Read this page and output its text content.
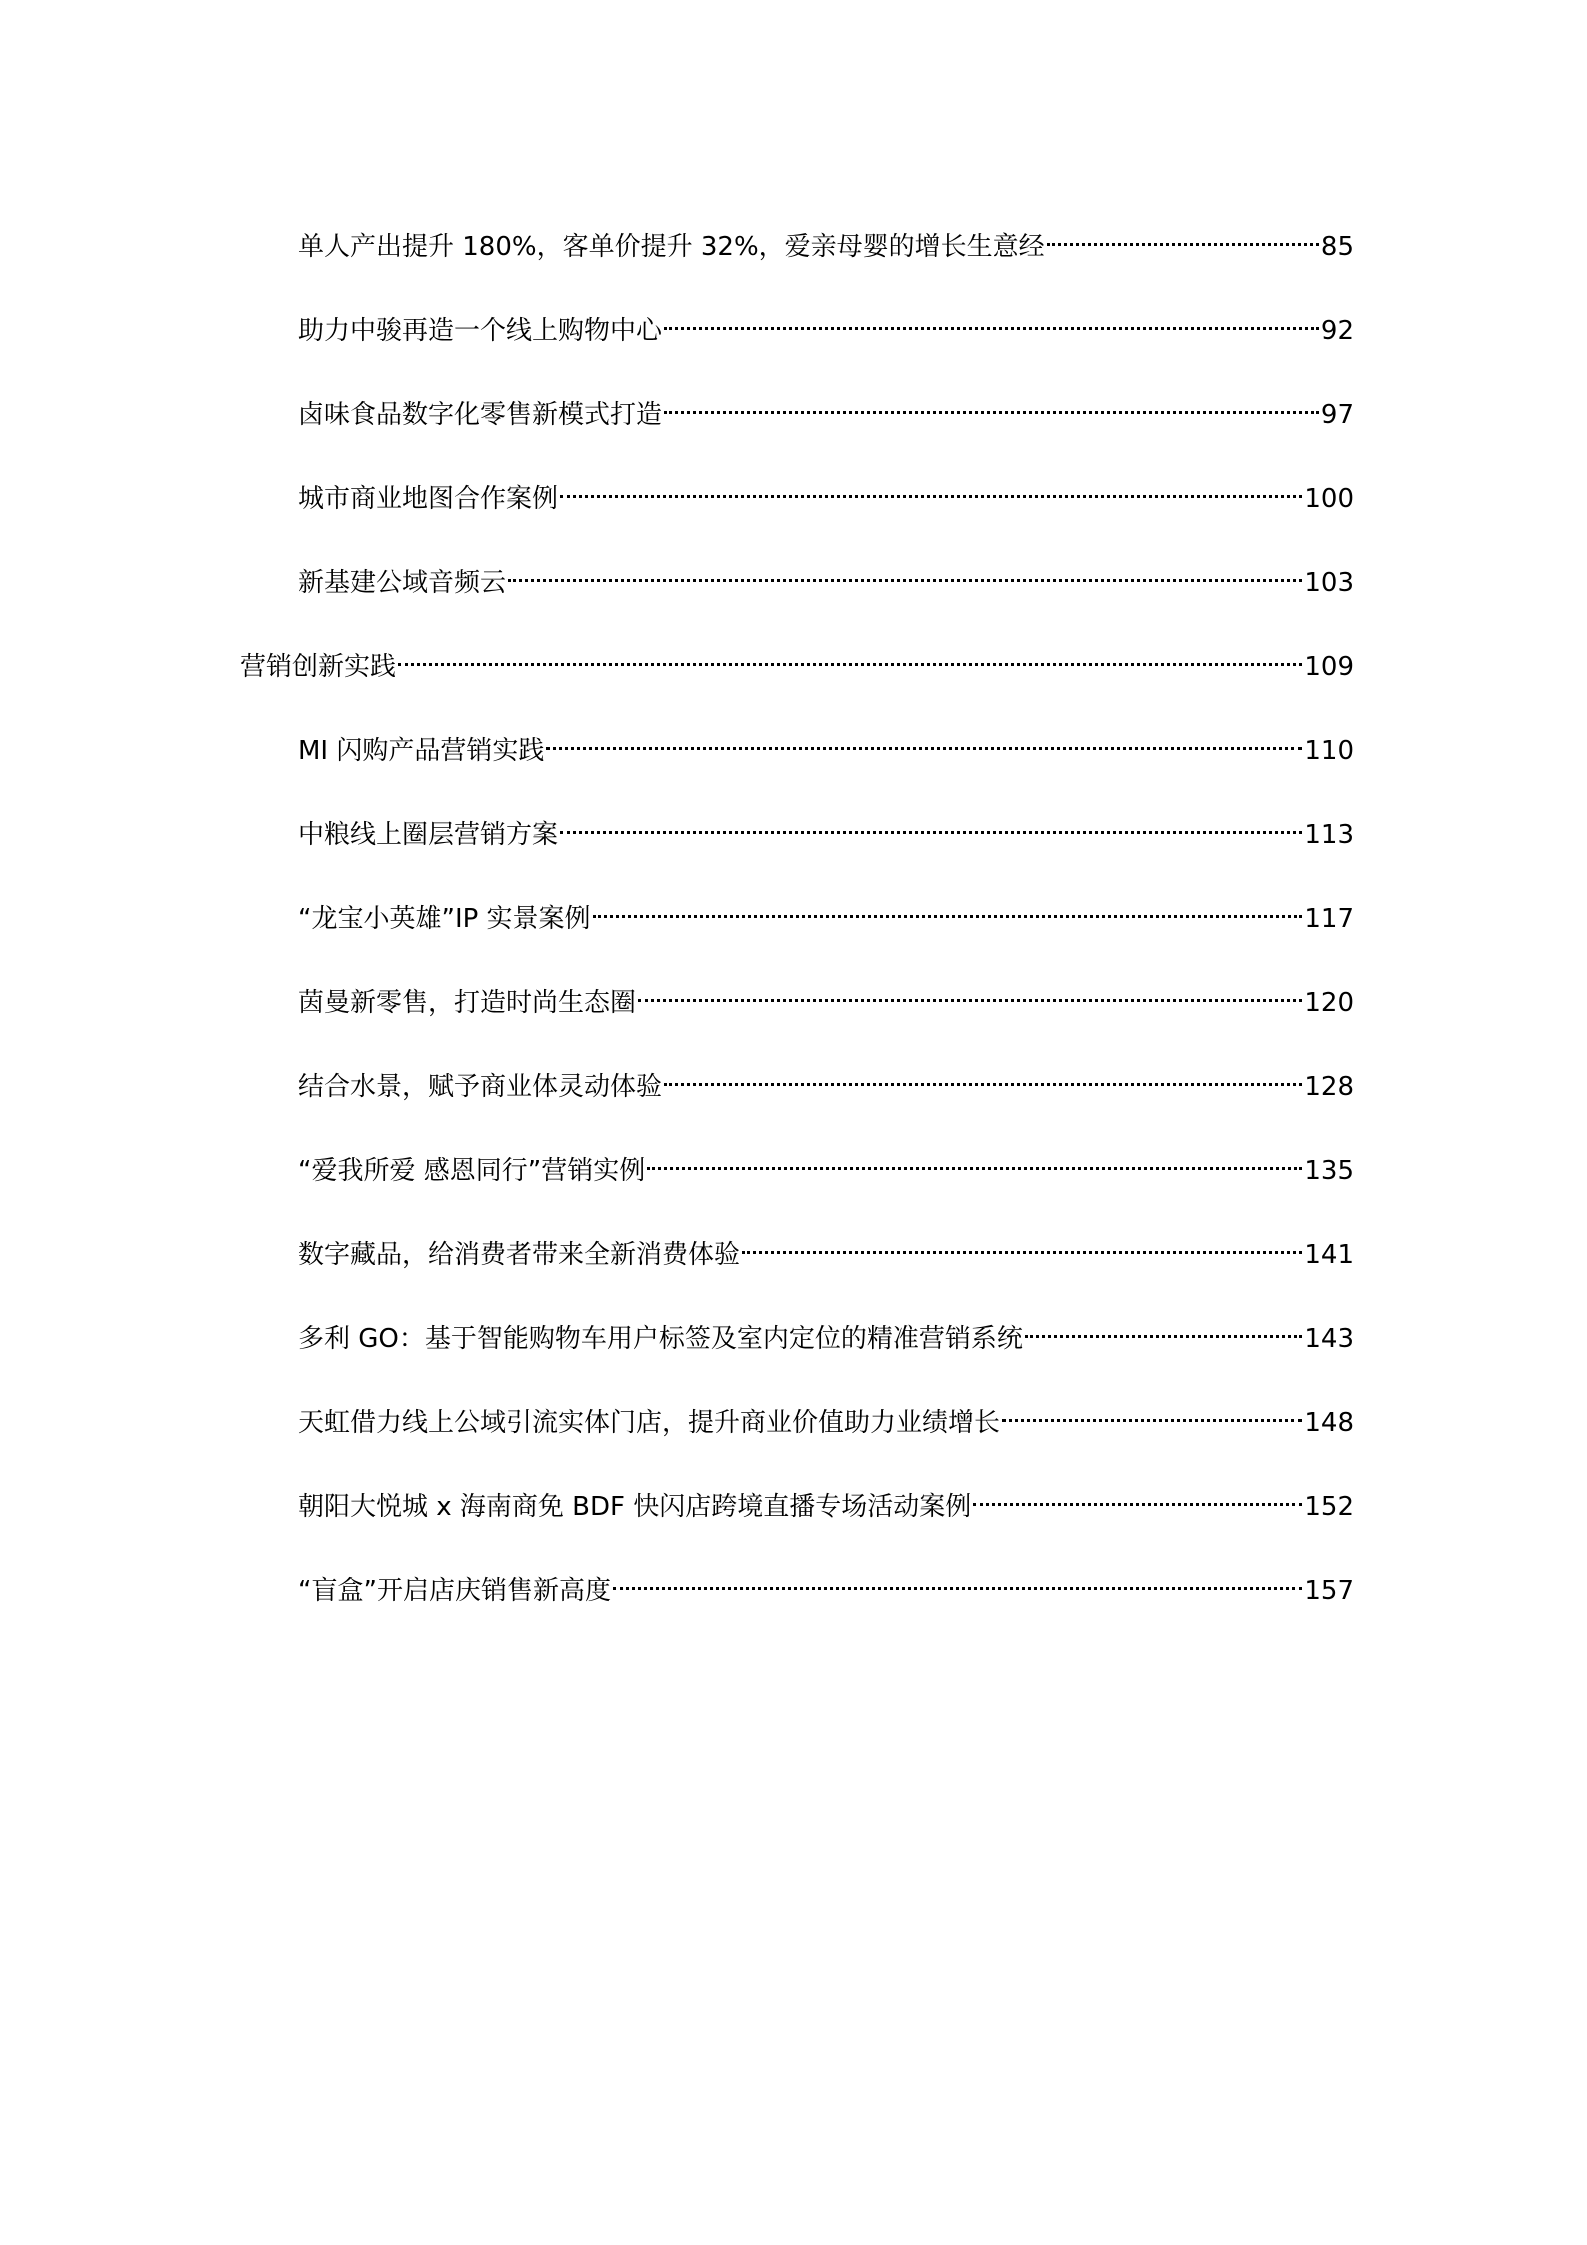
单人产出提升 180%，客单价提升 32%，爱亲母婴的增长生意经	85
助力中骏再造一个线上购物中心	92
卤味食品数字化零售新模式打造	97
城市商业地图合作案例	100
新基建公域音频云	103
营销创新实践	109
MI 闪购产品营销实践	110
中粮线上圈层营销方案	113
“龙宝小英雄”IP 实景案例	117
茵曼新零售，打造时尚生态圈	120
结合水景，赋予商业体灵动体验	128
“爱我所爱 感恩同行”营销实例	135
数字藏品，给消费者带来全新消费体验	141
多利 GO：基于智能购物车用户标签及室内定位的精准营销系统	143
天虹借力线上公域引流实体门店，提升商业价值助力业绩增长	148
朝阳大悦城 x 海南商免 BDF 快闪店跨境直播专场活动案例	152
“盲盒”开启店庆销售新高度	157
